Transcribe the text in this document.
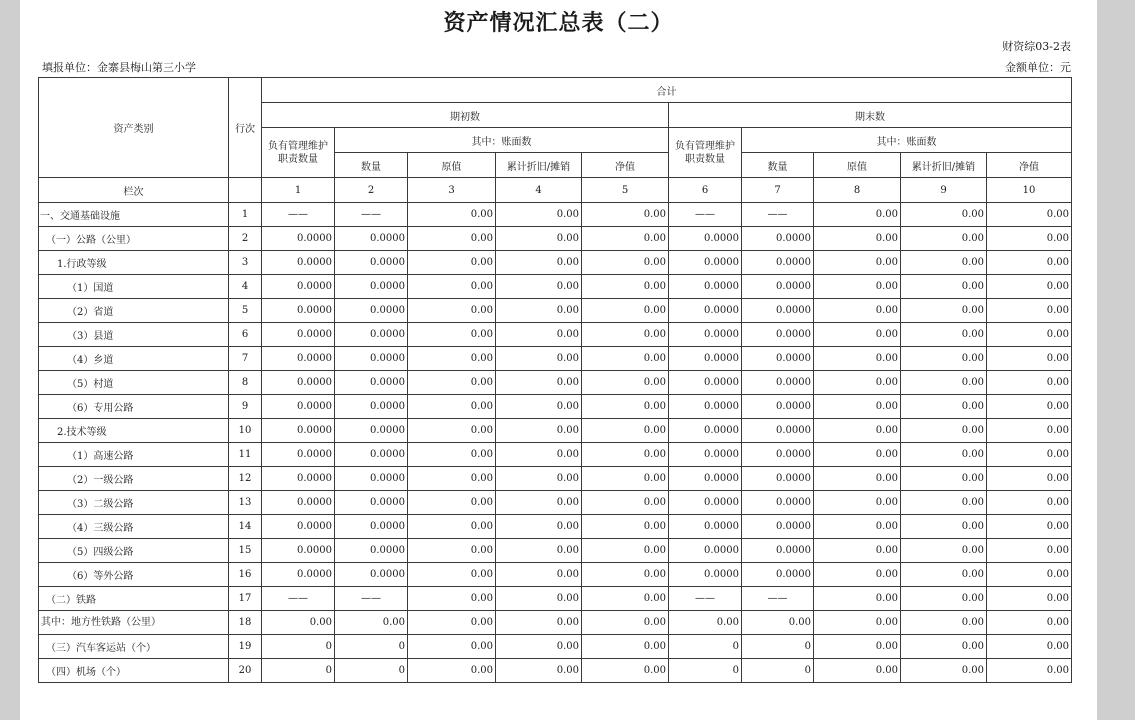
资产情况汇总表（二）
财资综03-2表
填报单位：金寨县梅山第三小学	金额单位：元
资产类别	行次	合计									
		期初数					期末数				
		负有管理维护职责数量	其中：账面数				负有管理维护职责数量	其中：账面数			
			数量	原值	累计折旧/摊销	净值		数量	原值	累计折旧/摊销	净值
栏次		1	2	3	4	5	6	7	8	9	10
一、交通基础设施	1	——	——	0.00	0.00	0.00	——	——	0.00	0.00	0.00
（一）公路（公里）	2	0.0000	0.0000	0.00	0.00	0.00	0.0000	0.0000	0.00	0.00	0.00
1.行政等级	3	0.0000	0.0000	0.00	0.00	0.00	0.0000	0.0000	0.00	0.00	0.00
（1）国道	4	0.0000	0.0000	0.00	0.00	0.00	0.0000	0.0000	0.00	0.00	0.00
（2）省道	5	0.0000	0.0000	0.00	0.00	0.00	0.0000	0.0000	0.00	0.00	0.00
（3）县道	6	0.0000	0.0000	0.00	0.00	0.00	0.0000	0.0000	0.00	0.00	0.00
（4）乡道	7	0.0000	0.0000	0.00	0.00	0.00	0.0000	0.0000	0.00	0.00	0.00
（5）村道	8	0.0000	0.0000	0.00	0.00	0.00	0.0000	0.0000	0.00	0.00	0.00
（6）专用公路	9	0.0000	0.0000	0.00	0.00	0.00	0.0000	0.0000	0.00	0.00	0.00
2.技术等级	10	0.0000	0.0000	0.00	0.00	0.00	0.0000	0.0000	0.00	0.00	0.00
（1）高速公路	11	0.0000	0.0000	0.00	0.00	0.00	0.0000	0.0000	0.00	0.00	0.00
（2）一级公路	12	0.0000	0.0000	0.00	0.00	0.00	0.0000	0.0000	0.00	0.00	0.00
（3）二级公路	13	0.0000	0.0000	0.00	0.00	0.00	0.0000	0.0000	0.00	0.00	0.00
（4）三级公路	14	0.0000	0.0000	0.00	0.00	0.00	0.0000	0.0000	0.00	0.00	0.00
（5）四级公路	15	0.0000	0.0000	0.00	0.00	0.00	0.0000	0.0000	0.00	0.00	0.00
（6）等外公路	16	0.0000	0.0000	0.00	0.00	0.00	0.0000	0.0000	0.00	0.00	0.00
（二）铁路	17	——	——	0.00	0.00	0.00	——	——	0.00	0.00	0.00
其中：地方性铁路（公里）	18	0.00	0.00	0.00	0.00	0.00	0.00	0.00	0.00	0.00	0.00
（三）汽车客运站（个）	19	0	0	0.00	0.00	0.00	0	0	0.00	0.00	0.00
（四）机场（个）	20	0	0	0.00	0.00	0.00	0	0	0.00	0.00	0.00
